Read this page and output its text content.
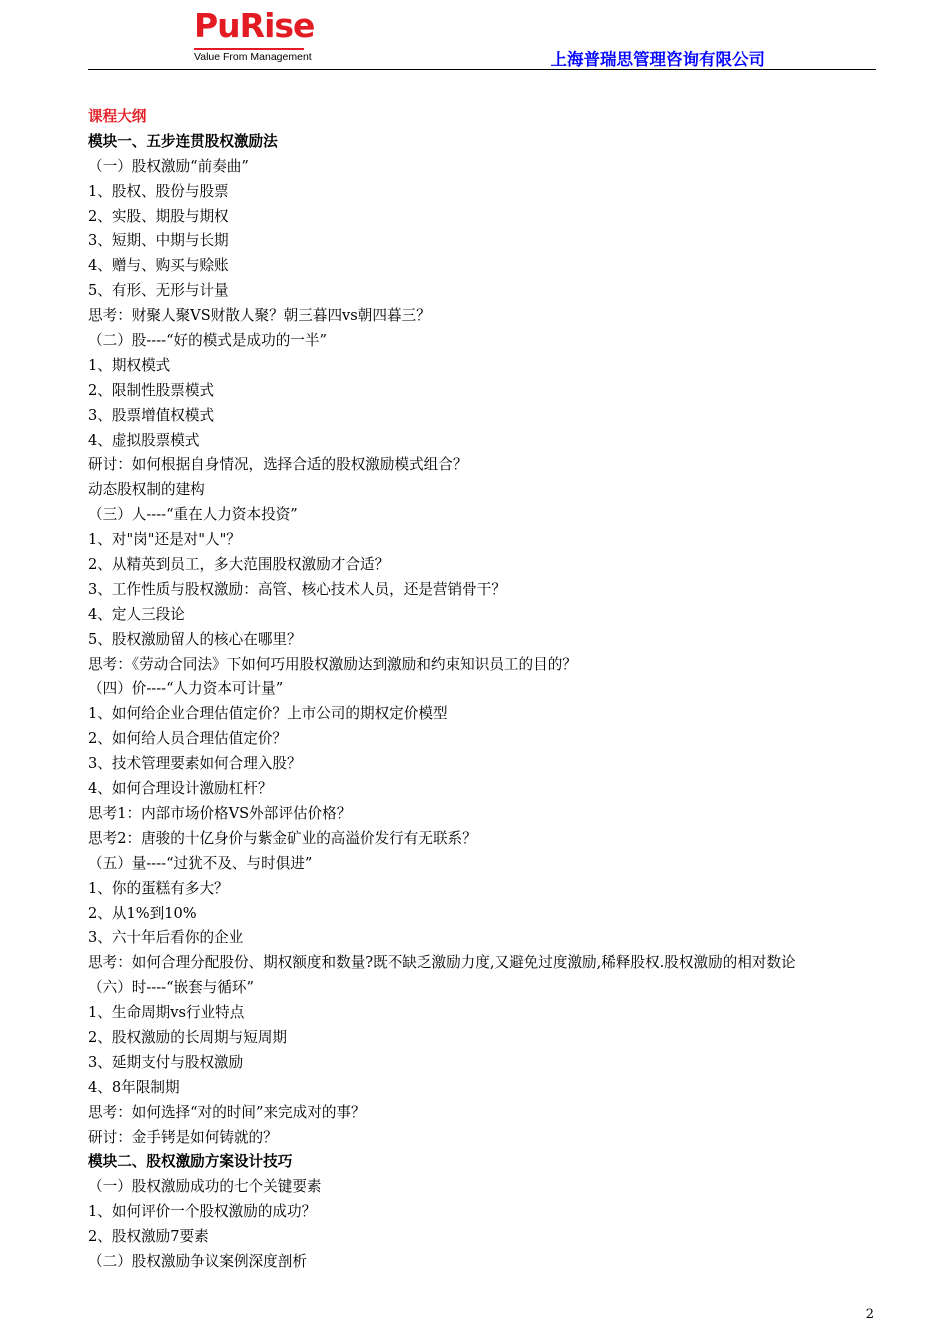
PuRise
Value From Management	上海普瑞思管理咨询有限公司
课程大纲
模块一、五步连贯股权激励法
（一）股权激励“前奏曲”
1、股权、股份与股票
2、实股、期股与期权
3、短期、中期与长期
4、赠与、购买与赊账
5、有形、无形与计量
思考：财聚人聚VS财散人聚？朝三暮四vs朝四暮三？
（二）股----“好的模式是成功的一半”
1、期权模式
2、限制性股票模式
3、股票增值权模式
4、虚拟股票模式
研讨：如何根据自身情况，选择合适的股权激励模式组合？
动态股权制的建构
（三）人----“重在人力资本投资”
1、对"岗"还是对"人"？
2、从精英到员工，多大范围股权激励才合适？
3、工作性质与股权激励：高管、核心技术人员，还是营销骨干？
4、定人三段论
5、股权激励留人的核心在哪里？
思考：《劳动合同法》下如何巧用股权激励达到激励和约束知识员工的目的？
（四）价----“人力资本可计量”
1、如何给企业合理估值定价？上市公司的期权定价模型
2、如何给人员合理估值定价？
3、技术管理要素如何合理入股？
4、如何合理设计激励杠杆？
思考1：内部市场价格VS外部评估价格？
思考2：唐骏的十亿身价与紫金矿业的高溢价发行有无联系？
（五）量----“过犹不及、与时俱进”
1、你的蛋糕有多大？
2、从1%到10%
3、六十年后看你的企业
思考：如何合理分配股份、期权额度和数量?既不缺乏激励力度,又避免过度激励,稀释股权.股权激励的相对数论
（六）时----“嵌套与循环”
1、生命周期vs行业特点
2、股权激励的长周期与短周期
3、延期支付与股权激励
4、8年限制期
思考：如何选择“对的时间”来完成对的事？
研讨：金手铐是如何铸就的？
模块二、股权激励方案设计技巧
（一）股权激励成功的七个关键要素
1、如何评价一个股权激励的成功？
2、股权激励7要素
（二）股权激励争议案例深度剖析
2
